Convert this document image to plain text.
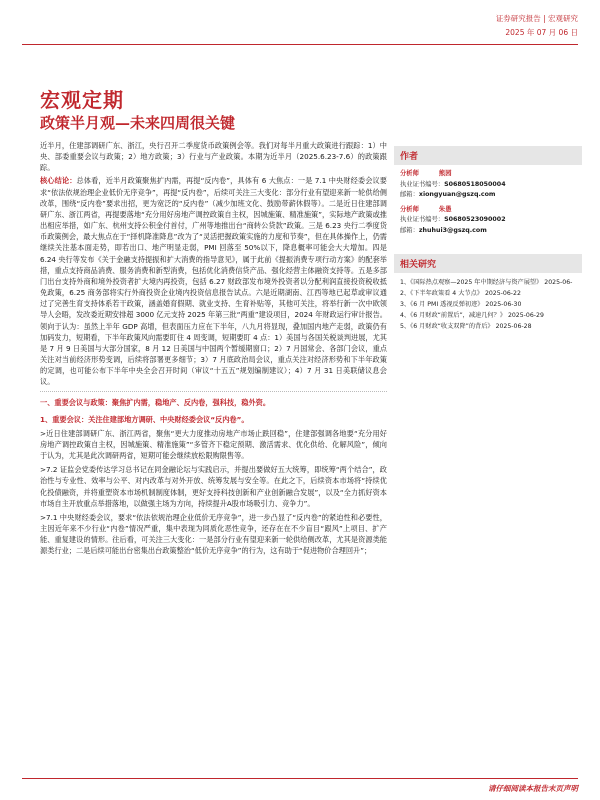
证券研究报告 | 宏观研究
2025 年 07 月 06 日
宏观定期
政策半月观—未来四周很关键

近半月，住建部调研广东、浙江，央行召开二季度货币政策例会等。我们对每半月重大政策进行跟踪：1）中央、部委重要会议与政策；2）地方政策；3）行业与产业政策。本期为近半月（2025.6.23-7.6）的政策跟踪。

核心结论：总体看，近半月政策聚焦扩内需，再提“反内卷”，具体有 6 大焦点：一是 7.1 中央财经委会议要求“依法依规治理企业低价无序竞争”，再提“反内卷”，后续可关注三大变化：部分行业有望迎来新一轮供给侧改革，围绕“反内卷”要求出招，更为宽泛的“反内卷”（减少加班文化、鼓励带薪休假等）。二是近日住建部调研广东、浙江两省，再提要落地“充分用好房地产调控政策自主权，因城施策、精准施策”，实际地产政策或推出相应举措，如广东、杭州支持公积金付首付，广州等地推出台“商转公贷款”政策。三是 6.23 央行二季度货币政策例会，最大焦点在于“择机降准降息”改为了“灵活把握政策实施的力度和节奏”，但在具体操作上，仍需继续关注基本面走势，即若出口、地产明显走弱，PMI 回落至 50%以下，降息概率可能会大大增加。四是 6.24 央行等发布《关于金融支持提振和扩大消费的指导意见》，属于此前《提振消费专项行动方案》的配套举措，重点支持商品消费、服务消费和新型消费，包括优化消费信贷产品、强化经营主体融资支持等。五是多部门出台支持外商和境外投资者扩大境内再投资，包括 6.27 财政部发布境外投资者以分配利润直接投资税收抵免政策，6.25 商务部将实行外商投资企业境内投资信息报告试点。六是近期湖南、江西等地已起草或审议通过了完善生育支持体系若干政策，涵盖婚育假期、就业支持、生育补贴等，其他可关注，将举行新一次中欧领导人会晤，发改委近期安排超 3000 亿元支持 2025 年第三批“两重”建设项目，2024 年财政运行审计报告。领向于认为：虽然上半年 GDP 高增，但表面压力应在下半年，八九月将显现，叠加国内地产走弱，政策仍有加码发力，短期看，下半年政策风向需要盯住 4 周变调，短期要盯 4 点：1）美国与各国关税谈判进展，尤其是 7 月 9 日美国与大部分国家，8 月 12 日美国与中国两个暂缓期窗口；2）7 月国常会、各部门会议，重点关注对当前经济形势变调，后续将部署更多细节；3）7 月底政治局会议，重点关注对经济形势和下半年政策的定调，也可能公布下半年中央全会召开时间（审议“十五五”规划编制建议）；4）7 月 31 日美联储议息会议。

一、重要会议与政策：聚焦扩内需，稳地产、反内卷，强科技，稳外资。

1、重要会议：关注住建部地方调研、中央财经委会议“反内卷”。

>近日住建部调研广东、浙江两省，聚焦“更大力度推动房地产市场止跌回稳”，住建部强调各地要“充分用好房地产调控政策自主权，因城施策、精准施策”“多管齐下稳定预期、激活需求、优化供给、化解风险”，倾向于认为，尤其是此次调研两省，短期可能会继续放松限购限售等。

>7.2 证监会党委传达学习总书记在同金融论坛与实践启示，并提出要做好五大统筹，即统筹“两个结合”，政治性与专业性、效率与公平、对内改革与对外开放、统筹发展与安全等。在此之下，后续资本市场将“持续优化投债融资，并将重塑资本市场机制制度体制，更好支持科技创新和产业创新融合发展”，以及“全力抓好资本市场自主开放重点举措落地，以做强主场为方向，持续提升A股市场吸引力、竞争力”。

>7.1 中央财经委会议，要求“依法依规治理企业低价无序竞争”，进一步凸显了“反内卷”的紧迫性和必要性，主因近年来不少行业“内卷”情况严重，集中表现为同质化恶性竞争，还存在在不少盲目“跟风”上项目、扩产能、重复建设的情形。往后看，可关注三大变化：一是部分行业有望迎来新一轮供给侧改革，尤其是资源类能源类行业；二是后续可能出台密集出台政策整治“低价无序竞争”的行为，这有助于“促进物价合理回升”；

作者
分析师	熊园
执业证书编号：S0680518050004
邮箱：xiongyuan@gszq.com
分析师	朱愚
执业证书编号：S0680523090002
邮箱：zhuhui3@gszq.com
相关研究
1、《国际热点观察—2025 年中期经济与资产展望》 2025-06-
2、《下半年政策看 4 大节点》 2025-06-22
3、《6 月 PMI 透视反弹初迹》 2025-06-30
4、《6 月财政“前置后”，减速几何？》 2025-06-29
5、《6 月财政“收支双降”的背后》 2025-06-28
请仔细阅读本报告末页声明
